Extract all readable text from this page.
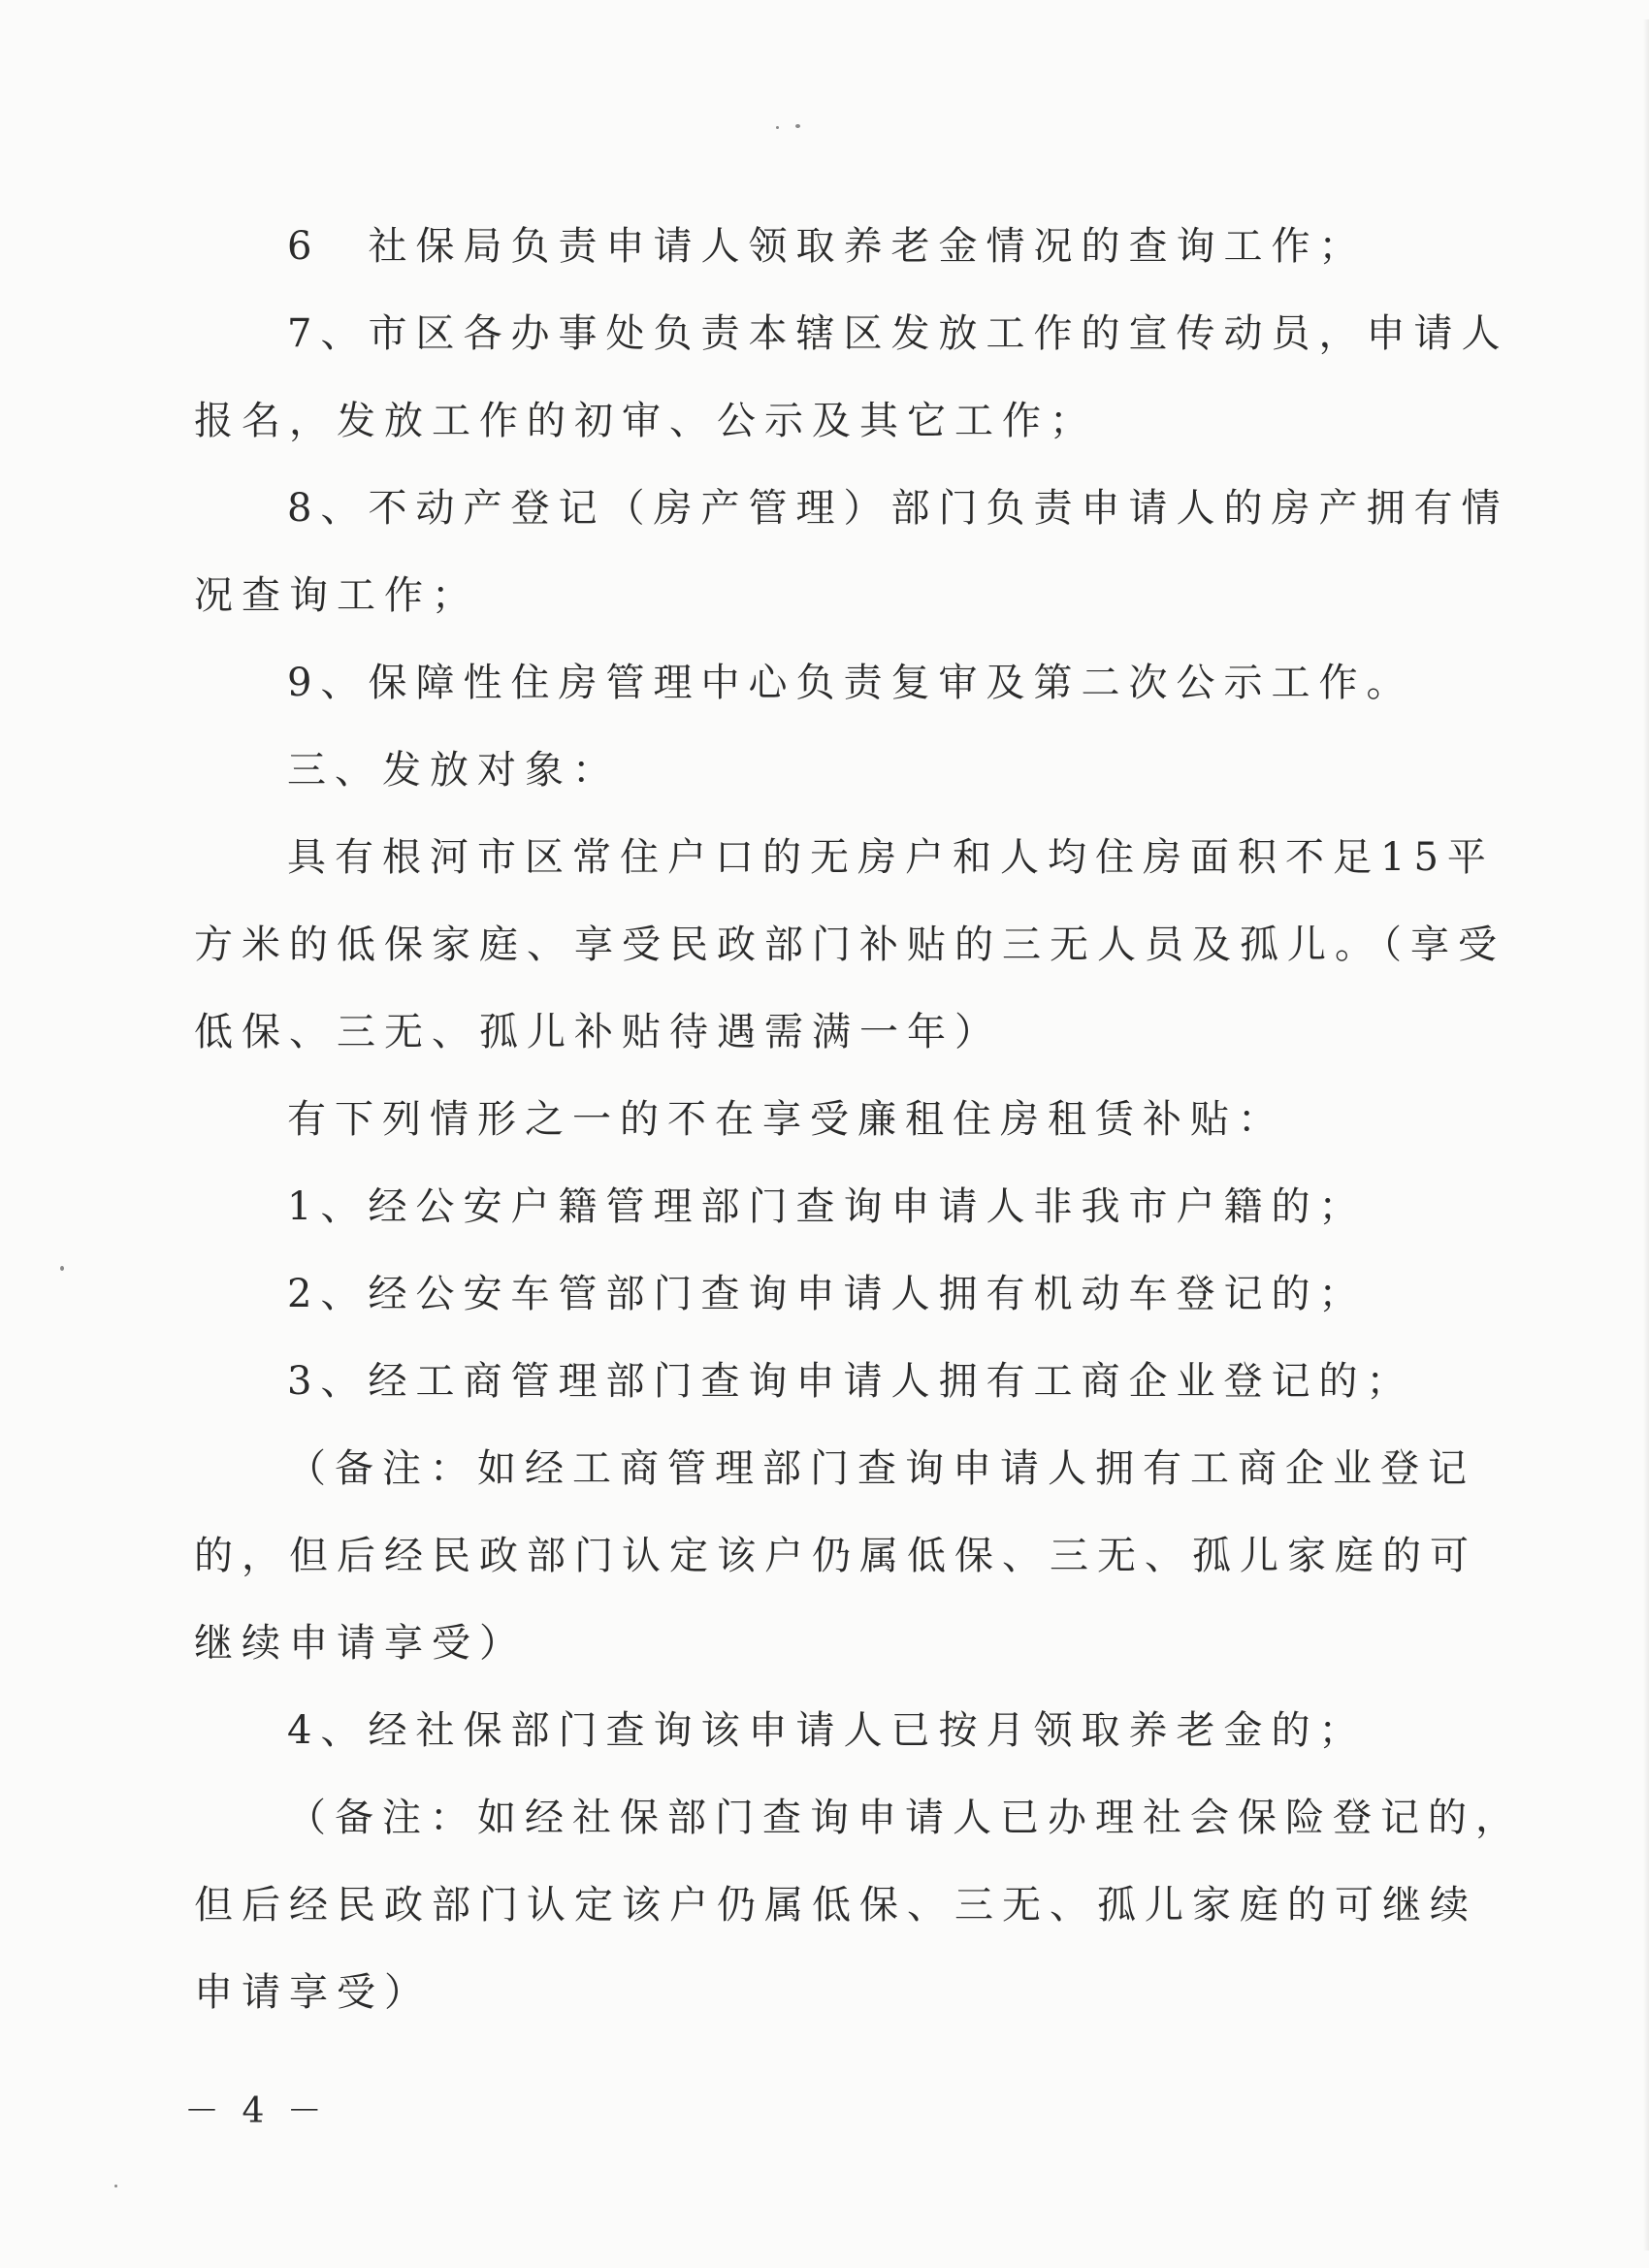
6　社保局负责申请人领取养老金情况的查询工作；
7、市区各办事处负责本辖区发放工作的宣传动员，申请人
报名，发放工作的初审、公示及其它工作；
8、不动产登记（房产管理）部门负责申请人的房产拥有情
况查询工作；
9、保障性住房管理中心负责复审及第二次公示工作。
三、发放对象：
具有根河市区常住户口的无房户和人均住房面积不足15平
方米的低保家庭、享受民政部门补贴的三无人员及孤儿。（享受
低保、三无、孤儿补贴待遇需满一年）
有下列情形之一的不在享受廉租住房租赁补贴：
1、经公安户籍管理部门查询申请人非我市户籍的；
2、经公安车管部门查询申请人拥有机动车登记的；
3、经工商管理部门查询申请人拥有工商企业登记的；
（备注：如经工商管理部门查询申请人拥有工商企业登记
的，但后经民政部门认定该户仍属低保、三无、孤儿家庭的可
继续申请享受）
4、经社保部门查询该申请人已按月领取养老金的；
（备注：如经社保部门查询申请人已办理社会保险登记的，
但后经民政部门认定该户仍属低保、三无、孤儿家庭的可继续
申请享受）
－ 4 －
